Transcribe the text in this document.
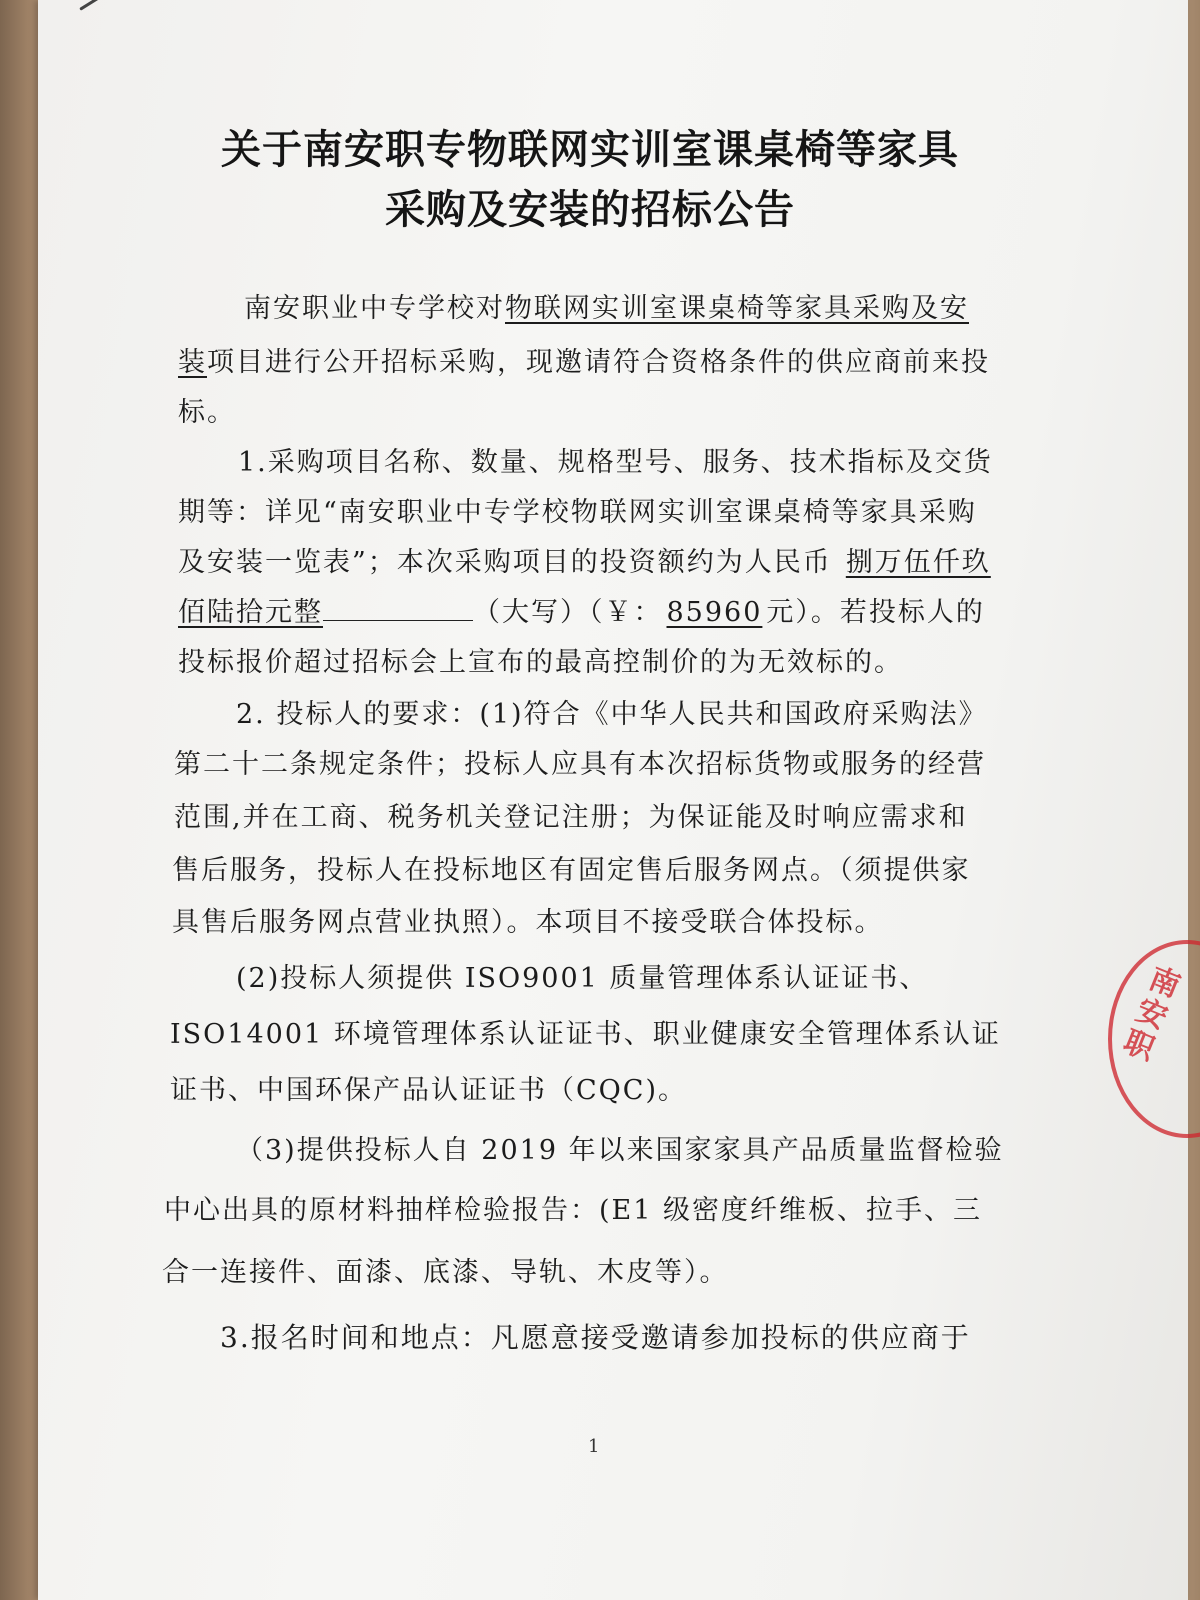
关于南安职专物联网实训室课桌椅等家具
采购及安装的招标公告
南安职业中专学校对物联网实训室课桌椅等家具采购及安
装项目进行公开招标采购，现邀请符合资格条件的供应商前来投
标。
1.采购项目名称、数量、规格型号、服务、技术指标及交货
期等：详见“南安职业中专学校物联网实训室课桌椅等家具采购
及安装一览表”；本次采购项目的投资额约为人民币 捌万伍仟玖
佰陆拾元整	（大写）（￥： 85960 元）。若投标人的
投标报价超过招标会上宣布的最高控制价的为无效标的。
2. 投标人的要求：(1)符合《中华人民共和国政府采购法》
第二十二条规定条件；投标人应具有本次招标货物或服务的经营
范围,并在工商、税务机关登记注册；为保证能及时响应需求和
售后服务，投标人在投标地区有固定售后服务网点。（须提供家
具售后服务网点营业执照）。本项目不接受联合体投标。
(2)投标人须提供 ISO9001 质量管理体系认证证书、
ISO14001 环境管理体系认证证书、职业健康安全管理体系认证
证书、中国环保产品认证证书（CQC)。
（3)提供投标人自 2019 年以来国家家具产品质量监督检验
中心出具的原材料抽样检验报告：(E1 级密度纤维板、拉手、三
合一连接件、面漆、底漆、导轨、木皮等）。
3.报名时间和地点：凡愿意接受邀请参加投标的供应商于
南安职
1
